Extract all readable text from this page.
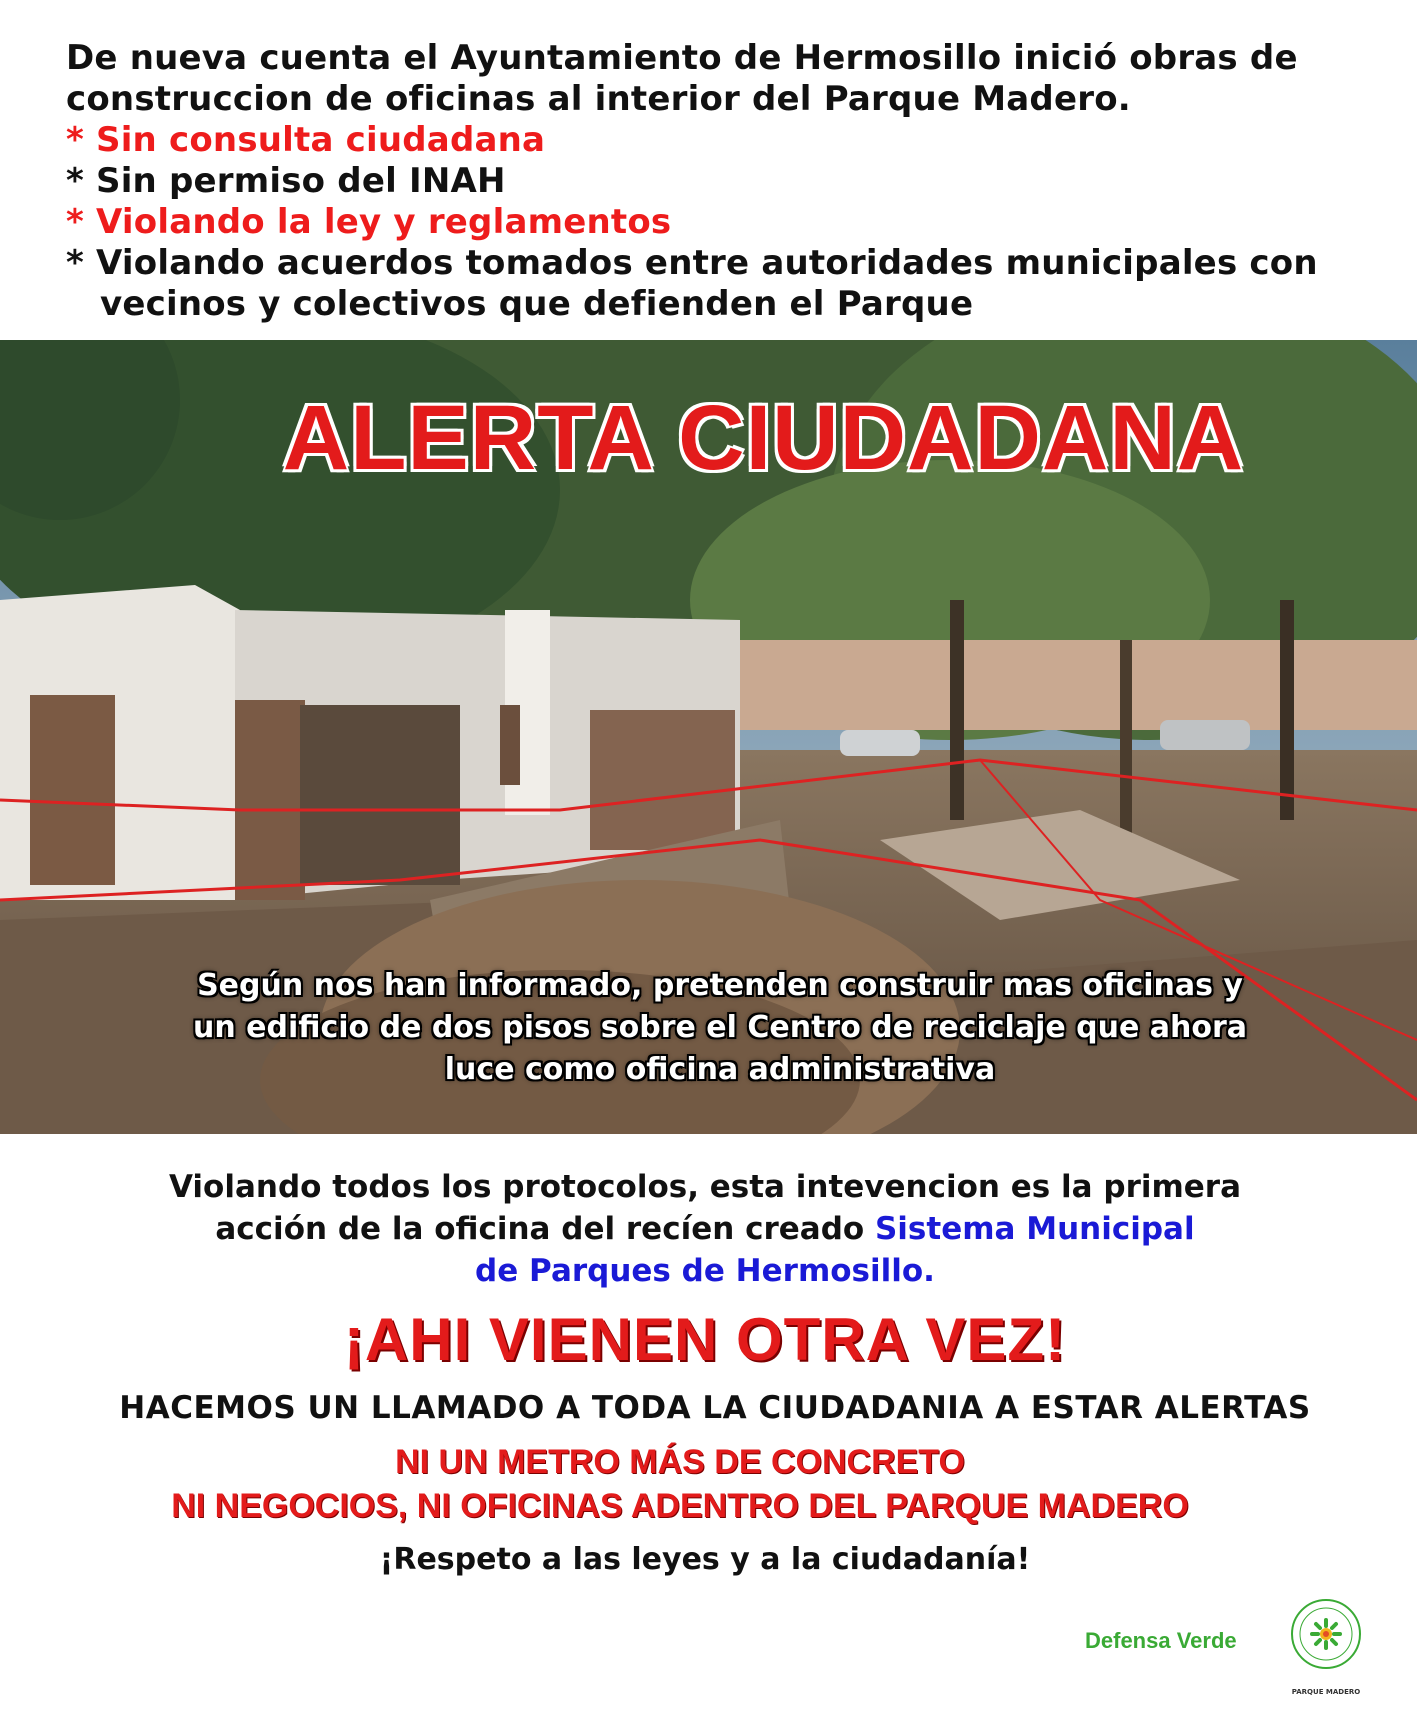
De nueva cuenta el Ayuntamiento de Hermosillo inició obras de
construccion de oficinas al interior del Parque Madero.
* Sin consulta ciudadana
* Sin permiso del INAH
* Violando la ley y reglamentos
* Violando acuerdos tomados entre autoridades municipales con
vecinos y colectivos que defienden el Parque
ALERTA CIUDADANA
Según nos han informado, pretenden construir mas oficinas y
un edificio de dos pisos sobre el Centro de reciclaje que ahora
luce como oficina administrativa
Violando todos los protocolos, esta intevencion es la primera
acción de la oficina del recíen creado Sistema Municipal
de Parques de Hermosillo.
¡AHI VIENEN OTRA VEZ!
HACEMOS UN LLAMADO A TODA LA CIUDADANIA A ESTAR ALERTAS
NI UN METRO MÁS DE CONCRETO
NI NEGOCIOS, NI OFICINAS ADENTRO DEL PARQUE MADERO
¡Respeto a las leyes y a la ciudadanía!
Defensa Verde
PARQUE MADERO
